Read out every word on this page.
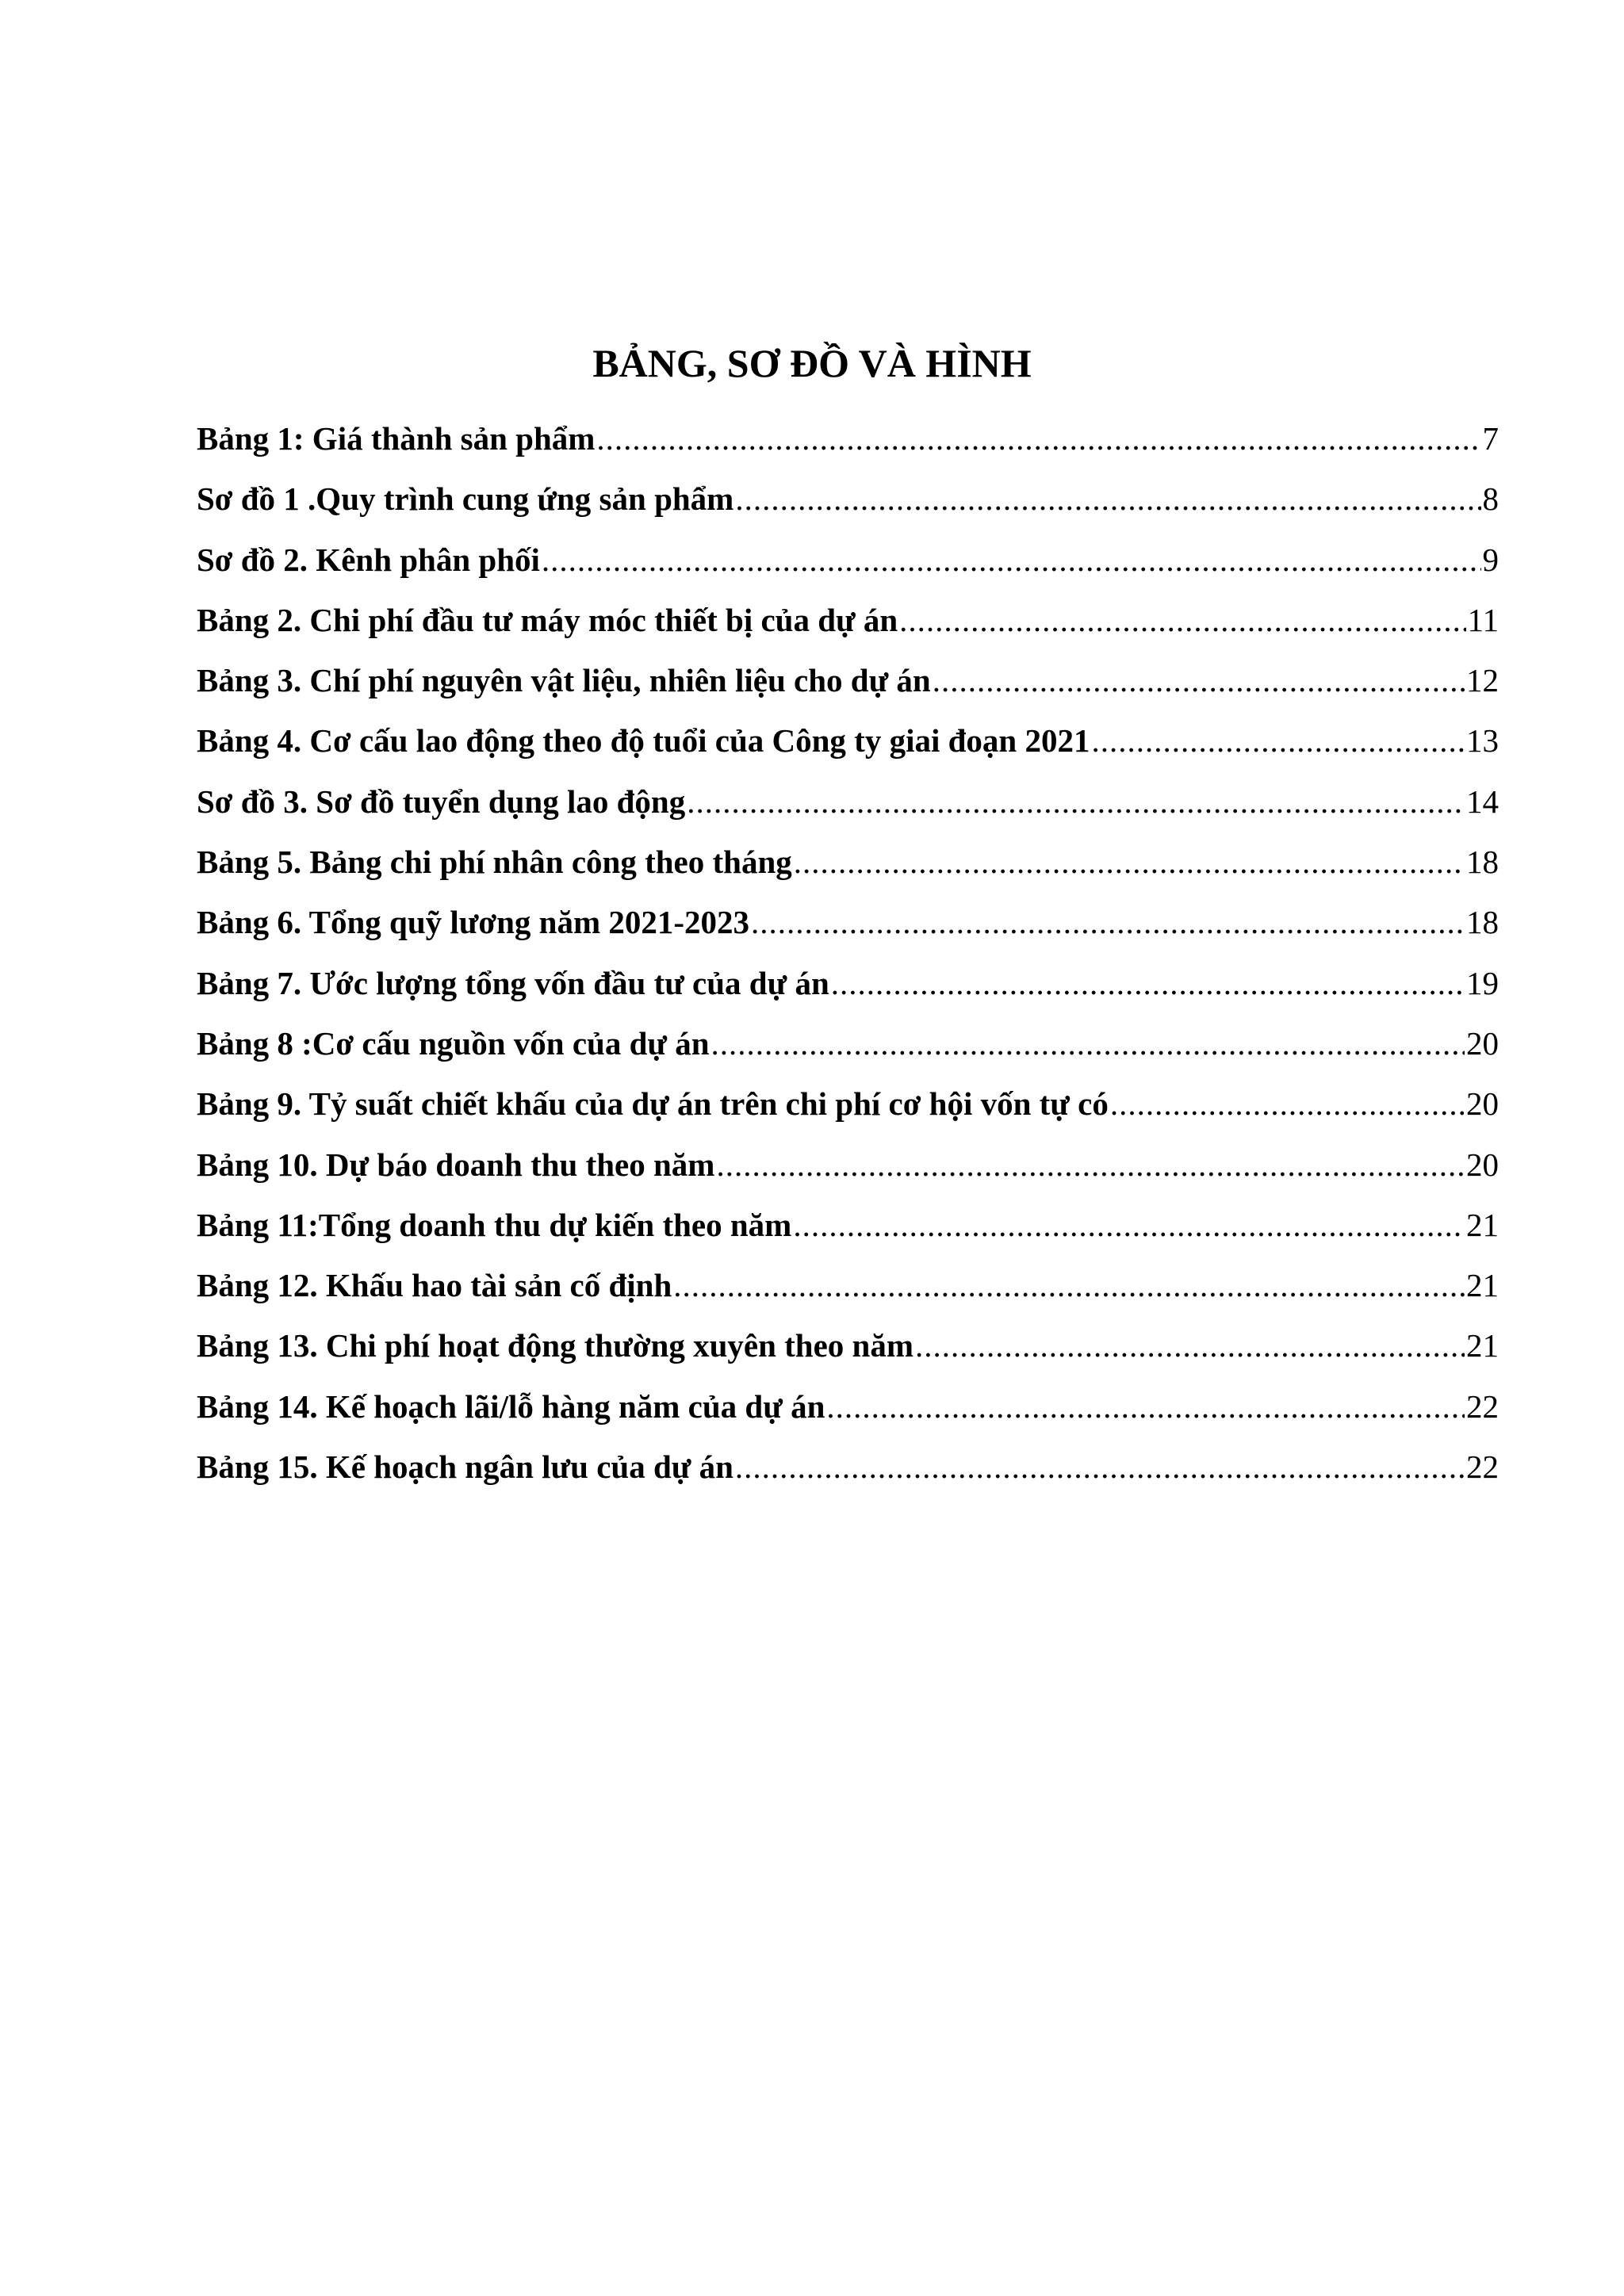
BẢNG, SƠ ĐỒ VÀ HÌNH
Bảng 1: Giá thành sản phẩm .....	7
Sơ đồ 1 .Quy trình cung ứng sản phẩm .....	8
Sơ đồ 2. Kênh phân phối .....	9
Bảng 2. Chi phí đầu tư máy móc thiết bị của dự án .....	11
Bảng 3. Chí phí nguyên vật liệu, nhiên liệu cho dự án .....	12
Bảng 4. Cơ cấu lao động theo độ tuổi của Công ty giai đoạn 2021 .....	13
Sơ đồ 3. Sơ đồ tuyển dụng lao động .....	14
Bảng 5. Bảng chi phí nhân công theo tháng .....	18
Bảng 6. Tổng quỹ lương năm 2021-2023 .....	18
Bảng 7. Ước lượng tổng vốn đầu tư của dự án .....	19
Bảng 8 :Cơ cấu nguồn vốn của dự án .....	20
Bảng 9. Tỷ suất chiết khấu của dự án trên chi phí cơ hội vốn tự có .....	20
Bảng 10. Dự báo doanh thu theo năm .....	20
Bảng 11:Tổng doanh thu dự kiến theo năm .....	21
Bảng 12. Khấu hao tài sản cố định .....	21
Bảng 13. Chi phí hoạt động thường xuyên theo năm .....	21
Bảng 14. Kế hoạch lãi/lỗ hàng năm của dự án .....	22
Bảng 15. Kế hoạch ngân lưu của dự án .....	22
